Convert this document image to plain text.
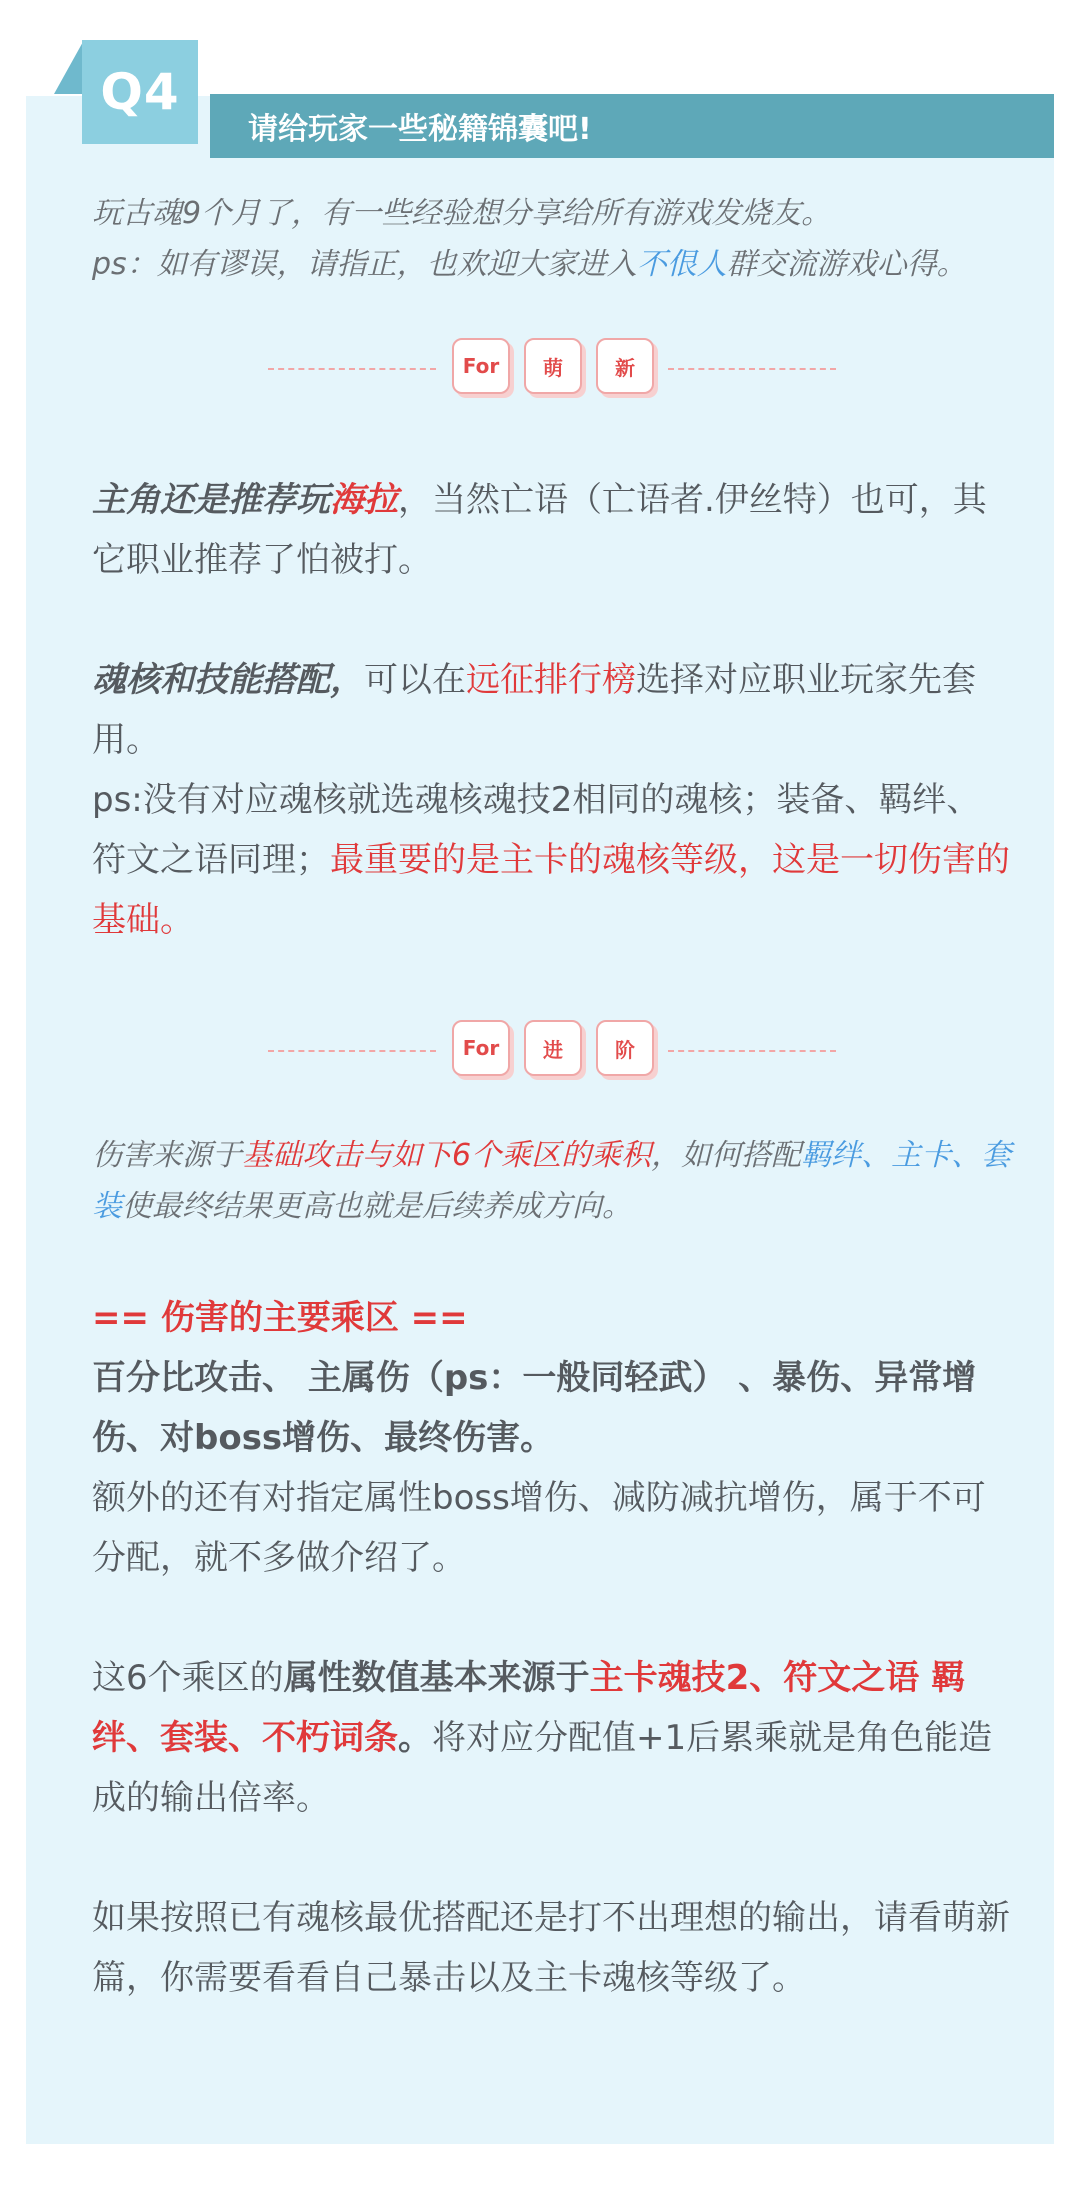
Q4
请给玩家一些秘籍锦囊吧!

玩古魂9个月了，有一些经验想分享给所有游戏发烧友。
ps：如有谬误，请指正，也欢迎大家进入不佷人群交流游戏心得。

For	萌	新

主角还是推荐玩海拉，当然亡语（亡语者.伊丝特）也可，其它职业推荐了怕被打。

魂核和技能搭配，可以在远征排行榜选择对应职业玩家先套用。

ps:没有对应魂核就选魂核魂技2相同的魂核；装备、羁绊、符文之语同理；最重要的是主卡的魂核等级，这是一切伤害的基础。

For	进	阶

伤害来源于基础攻击与如下6个乘区的乘积，如何搭配羁绊、主卡、套装使最终结果更高也就是后续养成方向。

== 伤害的主要乘区 ==

百分比攻击、 主属伤（ps：一般同轻武） 、暴伤、异常增伤、对boss增伤、最终伤害。

额外的还有对指定属性boss增伤、减防减抗增伤，属于不可分配，就不多做介绍了。

这6个乘区的属性数值基本来源于主卡魂技2、符文之语 羁绊、套装、不朽词条。将对应分配值+1后累乘就是角色能造成的输出倍率。

如果按照已有魂核最优搭配还是打不出理想的输出，请看萌新篇，你需要看看自己暴击以及主卡魂核等级了。
